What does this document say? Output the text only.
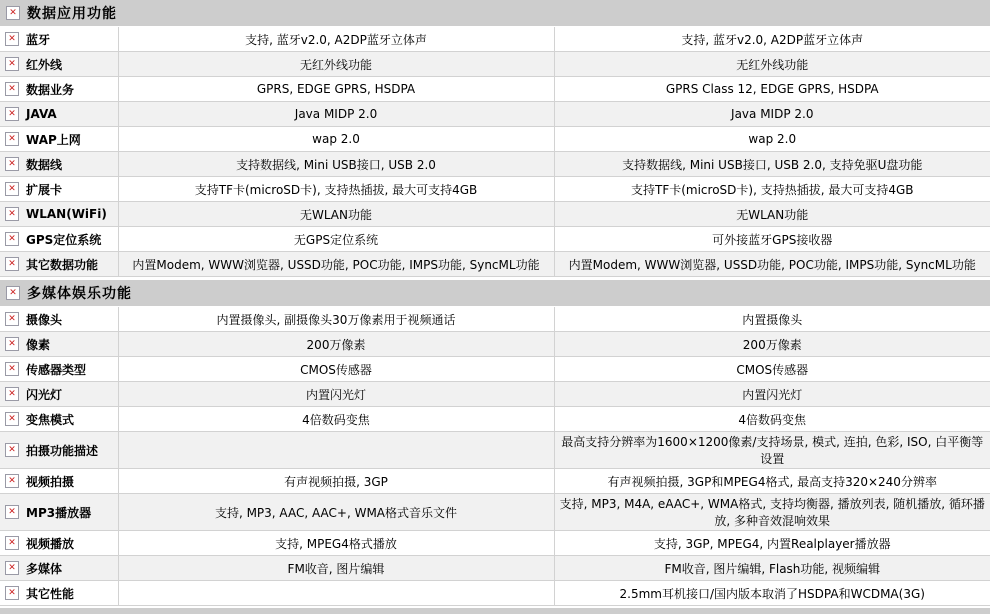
✕ 数据应用功能
✕ 蓝牙	支持, 蓝牙v2.0, A2DP蓝牙立体声	支持, 蓝牙v2.0, A2DP蓝牙立体声

✕ 红外线	无红外线功能	无红外线功能

✕ 数据业务	GPRS, EDGE GPRS, HSDPA	GPRS Class 12, EDGE GPRS, HSDPA

✕ JAVA	Java MIDP 2.0	Java MIDP 2.0

✕ WAP上网	wap 2.0	wap 2.0

✕ 数据线	支持数据线, Mini USB接口, USB 2.0	支持数据线, Mini USB接口, USB 2.0, 支持免驱U盘功能

✕ 扩展卡	支持TF卡(microSD卡), 支持热插拔, 最大可支持4GB	支持TF卡(microSD卡), 支持热插拔, 最大可支持4GB

✕ WLAN(WiFi)	无WLAN功能	无WLAN功能

✕ GPS定位系统	无GPS定位系统	可外接蓝牙GPS接收器

✕ 其它数据功能	内置Modem, WWW浏览器, USSD功能, POC功能, IMPS功能, SyncML功能	内置Modem, WWW浏览器, USSD功能, POC功能, IMPS功能, SyncML功能
✕ 多媒体娱乐功能
✕ 摄像头	内置摄像头, 副摄像头30万像素用于视频通话	内置摄像头

✕ 像素	200万像素	200万像素

✕ 传感器类型	CMOS传感器	CMOS传感器

✕ 闪光灯	内置闪光灯	内置闪光灯

✕ 变焦模式	4倍数码变焦	4倍数码变焦

✕ 拍摄功能描述		最高支持分辨率为1600×1200像素/支持场景, 模式, 连拍, 色彩, ISO, 白平衡等设置

✕ 视频拍摄	有声视频拍摄, 3GP	有声视频拍摄, 3GP和MPEG4格式, 最高支持320×240分辨率

✕ MP3播放器	支持, MP3, AAC, AAC+, WMA格式音乐文件	支持, MP3, M4A, eAAC+, WMA格式, 支持均衡器, 播放列表, 随机播放, 循环播放, 多种音效混响效果

✕ 视频播放	支持, MPEG4格式播放	支持, 3GP, MPEG4, 内置Realplayer播放器

✕ 多媒体	FM收音, 图片编辑	FM收音, 图片编辑, Flash功能, 视频编辑

✕ 其它性能		2.5mm耳机接口/国内版本取消了HSDPA和WCDMA(3G)
